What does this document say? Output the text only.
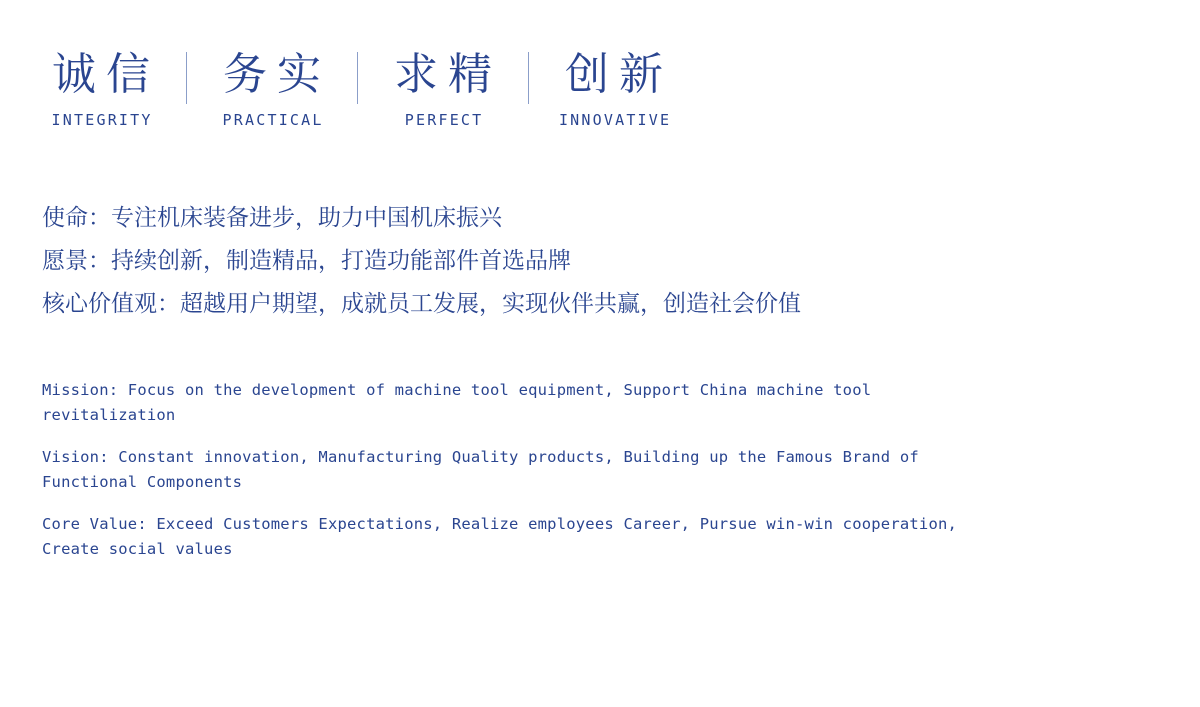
诚信
INTEGRITY
务实
PRACTICAL
求精
PERFECT
创新
INNOVATIVE
使命：专注机床装备进步，助力中国机床振兴
愿景：持续创新，制造精品，打造功能部件首选品牌
核心价值观：超越用户期望，成就员工发展，实现伙伴共赢，创造社会价值
Mission: Focus on the development of machine tool equipment, Support China machine tool revitalization
Vision: Constant innovation, Manufacturing Quality products, Building up the Famous Brand of Functional Components
Core Value: Exceed Customers Expectations, Realize employees Career, Pursue win-win cooperation, Create social values
